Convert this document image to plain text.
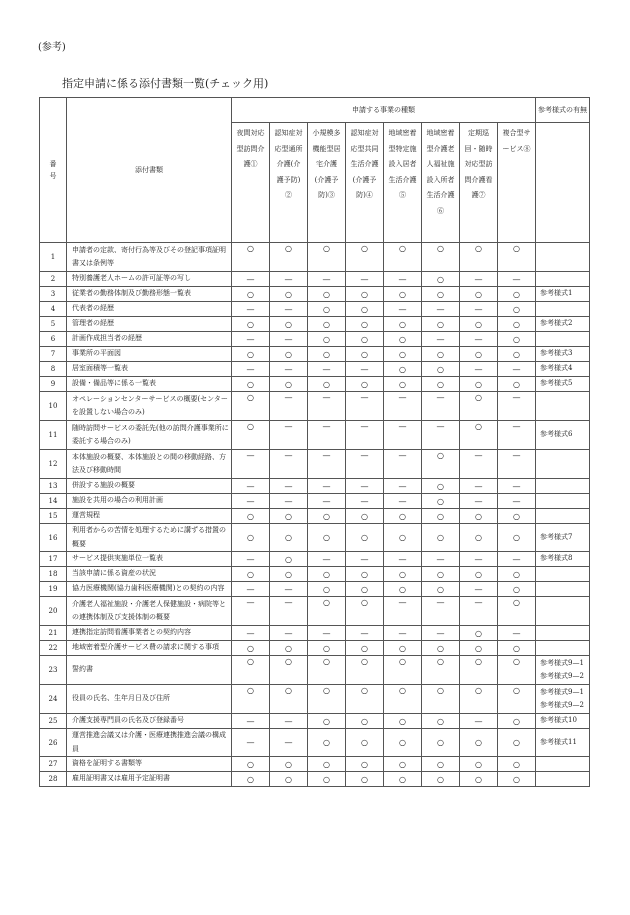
(参考)
指定申請に係る添付書類一覧(チェック用)
番号	添付書類	申請する事業の種類								参考様式の有無
		夜間対応型訪問介護①	認知症対応型通所介護(介護予防)②	小規模多機能型居宅介護(介護予防)③	認知症対応型共同生活介護(介護予防)④	地域密着型特定施設入居者生活介護⑤	地域密着型介護老人福祉施設入所者生活介護⑥	定期巡回・随時対応型訪問介護看護⑦	複合型サービス⑧	
1	申請者の定款、寄付行為等及びその登記事項証明書又は条例等	○	○	○	○	○	○	○	○	
2	特別養護老人ホームの許可証等の写し	—	—	—	—	—	○	—	—	
3	従業者の勤務体制及び勤務形態一覧表	○	○	○	○	○	○	○	○	参考様式1
4	代表者の経歴	—	—	○	○	—	—	—	○	
5	管理者の経歴	○	○	○	○	○	○	○	○	参考様式2
6	計画作成担当者の経歴	—	—	○	○	○	—	—	○	
7	事業所の平面図	○	○	○	○	○	○	○	○	参考様式3
8	居室面積等一覧表	—	—	—	—	○	○	—	—	参考様式4
9	設備・備品等に係る一覧表	○	○	○	○	○	○	○	○	参考様式5
10	オペレーションセンターサービスの概要(センターを設置しない場合のみ)	○	—	—	—	—	—	○	—	
11	随時訪問サービスの委託先(他の訪問介護事業所に委託する場合のみ)	○	—	—	—	—	—	○	—	参考様式6
12	本体施設の概要、本体施設との間の移動経路、方法及び移動時間	—	—	—	—	—	○	—	—	
13	併設する施設の概要	—	—	—	—	—	○	—	—	
14	施設を共用の場合の利用計画	—	—	—	—	—	○	—	—	
15	運営規程	○	○	○	○	○	○	○	○	
16	利用者からの苦情を処理するために講ずる措置の概要	○	○	○	○	○	○	○	○	参考様式7
17	サービス提供実施単位一覧表	—	○	—	—	—	—	—	—	参考様式8
18	当該申請に係る資産の状況	○	○	○	○	○	○	○	○	
19	協力医療機関(協力歯科医療機関)との契約の内容	—	—	○	○	○	○	—	○	
20	介護老人福祉施設・介護老人保健施設・病院等との連携体制及び支援体制の概要	—	—	○	○	—	—	—	○	
21	連携指定訪問看護事業者との契約内容	—	—	—	—	—	—	○	—	
22	地域密着型介護サービス費の請求に関する事項	○	○	○	○	○	○	○	○	
23	誓約書	○	○	○	○	○	○	○	○	参考様式9—1
参考様式9—2
24	役員の氏名、生年月日及び住所	○	○	○	○	○	○	○	○	参考様式9—1
参考様式9—2
25	介護支援専門員の氏名及び登録番号	—	—	○	○	○	○	—	○	参考様式10
26	運営推進会議又は介護・医療連携推進会議の構成員	—	—	○	○	○	○	○	○	参考様式11
27	資格を証明する書類等	○	○	○	○	○	○	○	○	
28	雇用証明書又は雇用予定証明書	○	○	○	○	○	○	○	○	
